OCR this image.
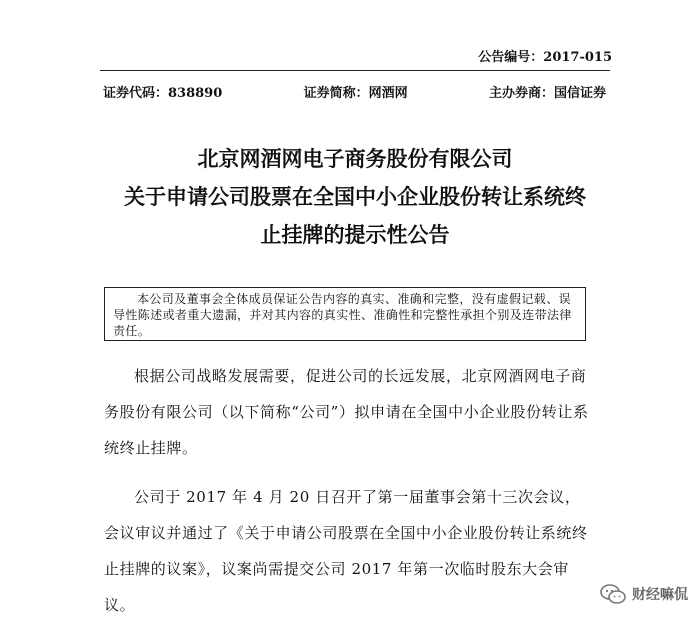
公告编号：2017-015
证券代码：838890	证券简称：网酒网	主办券商：国信证券
北京网酒网电子商务股份有限公司
关于申请公司股票在全国中小企业股份转让系统终
止挂牌的提示性公告

本公司及董事会全体成员保证公告内容的真实、准确和完整，没有虚假记载、误导性陈述或者重大遗漏，并对其内容的真实性、准确性和完整性承担个别及连带法律责任。

根据公司战略发展需要，促进公司的长远发展，北京网酒网电子商务股份有限公司（以下简称“公司”）拟申请在全国中小企业股份转让系统终止挂牌。

公司于 2017 年 4 月 20 日召开了第一届董事会第十三次会议，会议审议并通过了《关于申请公司股票在全国中小企业股份转让系统终止挂牌的议案》，议案尚需提交公司 2017 年第一次临时股东大会审议。

财经嘛侃
